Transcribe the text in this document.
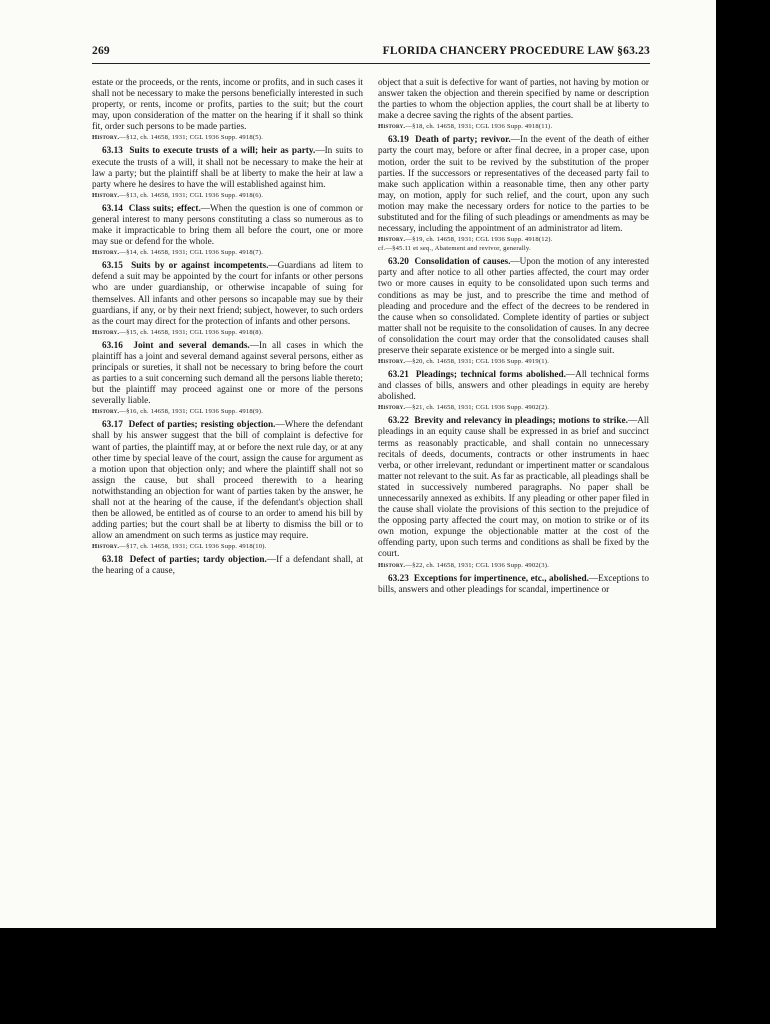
269	FLORIDA CHANCERY PROCEDURE LAW §63.23

estate or the proceeds, or the rents, income or profits, and in such cases it shall not be necessary to make the persons beneficially interested in such property, or rents, income or profits, parties to the suit; but the court may, upon consideration of the matter on the hearing if it shall so think fit, order such persons to be made parties.

History.—§12, ch. 14658, 1931; CGL 1936 Supp. 4918(5).

63.13 Suits to execute trusts of a will; heir as party.—In suits to execute the trusts of a will, it shall not be necessary to make the heir at law a party; but the plaintiff shall be at liberty to make the heir at law a party where he desires to have the will established against him.

History.—§13, ch. 14658, 1931; CGL 1936 Supp. 4918(6).

63.14 Class suits; effect.—When the question is one of common or general interest to many persons constituting a class so numerous as to make it impracticable to bring them all before the court, one or more may sue or defend for the whole.

History.—§14, ch. 14658, 1931; CGL 1936 Supp. 4918(7).

63.15 Suits by or against incompetents.—Guardians ad litem to defend a suit may be appointed by the court for infants or other persons who are under guardianship, or otherwise incapable of suing for themselves. All infants and other persons so incapable may sue by their guardians, if any, or by their next friend; subject, however, to such orders as the court may direct for the protection of infants and other persons.

History.—§15, ch. 14658, 1931; CGL 1936 Supp. 4918(8).

63.16 Joint and several demands.—In all cases in which the plaintiff has a joint and several demand against several persons, either as principals or sureties, it shall not be necessary to bring before the court as parties to a suit concerning such demand all the persons liable thereto; but the plaintiff may proceed against one or more of the persons severally liable.

History.—§16, ch. 14658, 1931; CGL 1936 Supp. 4918(9).

63.17 Defect of parties; resisting objection.—Where the defendant shall by his answer suggest that the bill of complaint is defective for want of parties, the plaintiff may, at or before the next rule day, or at any other time by special leave of the court, assign the cause for argument as a motion upon that objection only; and where the plaintiff shall not so assign the cause, but shall proceed therewith to a hearing notwithstanding an objection for want of parties taken by the answer, he shall not at the hearing of the cause, if the defendant's objection shall then be allowed, be entitled as of course to an order to amend his bill by adding parties; but the court shall be at liberty to dismiss the bill or to allow an amendment on such terms as justice may require.

History.—§17, ch. 14658, 1931; CGL 1936 Supp. 4918(10).

63.18 Defect of parties; tardy objection.—If a defendant shall, at the hearing of a cause,

object that a suit is defective for want of parties, not having by motion or answer taken the objection and therein specified by name or description the parties to whom the objection applies, the court shall be at liberty to make a decree saving the rights of the absent parties.

History.—§18, ch. 14658, 1931; CGL 1936 Supp. 4918(11).

63.19 Death of party; revivor.—In the event of the death of either party the court may, before or after final decree, in a proper case, upon motion, order the suit to be revived by the substitution of the proper parties. If the successors or representatives of the deceased party fail to make such application within a reasonable time, then any other party may, on motion, apply for such relief, and the court, upon any such motion may make the necessary orders for notice to the parties to be substituted and for the filing of such pleadings or amendments as may be necessary, including the appointment of an administrator ad litem.

History.—§19, ch. 14658, 1931; CGL 1936 Supp. 4918(12).

cf.—§45.11 et seq., Abatement and revivor, generally.

63.20 Consolidation of causes.—Upon the motion of any interested party and after notice to all other parties affected, the court may order two or more causes in equity to be consolidated upon such terms and conditions as may be just, and to prescribe the time and method of pleading and procedure and the effect of the decrees to be rendered in the cause when so consolidated. Complete identity of parties or subject matter shall not be requisite to the consolidation of causes. In any decree of consolidation the court may order that the consolidated causes shall preserve their separate existence or be merged into a single suit.

History.—§20, ch. 14658, 1931; CGL 1936 Supp. 4919(1).

63.21 Pleadings; technical forms abolished.—All technical forms and classes of bills, answers and other pleadings in equity are hereby abolished.

History.—§21, ch. 14658, 1931; CGL 1936 Supp. 4902(2).

63.22 Brevity and relevancy in pleadings; motions to strike.—All pleadings in an equity cause shall be expressed in as brief and succinct terms as reasonably practicable, and shall contain no unnecessary recitals of deeds, documents, contracts or other instruments in haec verba, or other irrelevant, redundant or impertinent matter or scandalous matter not relevant to the suit. As far as practicable, all pleadings shall be stated in successively numbered paragraphs. No paper shall be unnecessarily annexed as exhibits. If any pleading or other paper filed in the cause shall violate the provisions of this section to the prejudice of the opposing party affected the court may, on motion to strike or of its own motion, expunge the objectionable matter at the cost of the offending party, upon such terms and conditions as shall be fixed by the court.

History.—§22, ch. 14658, 1931; CGL 1936 Supp. 4902(3).

63.23 Exceptions for impertinence, etc., abolished.—Exceptions to bills, answers and other pleadings for scandal, impertinence or
